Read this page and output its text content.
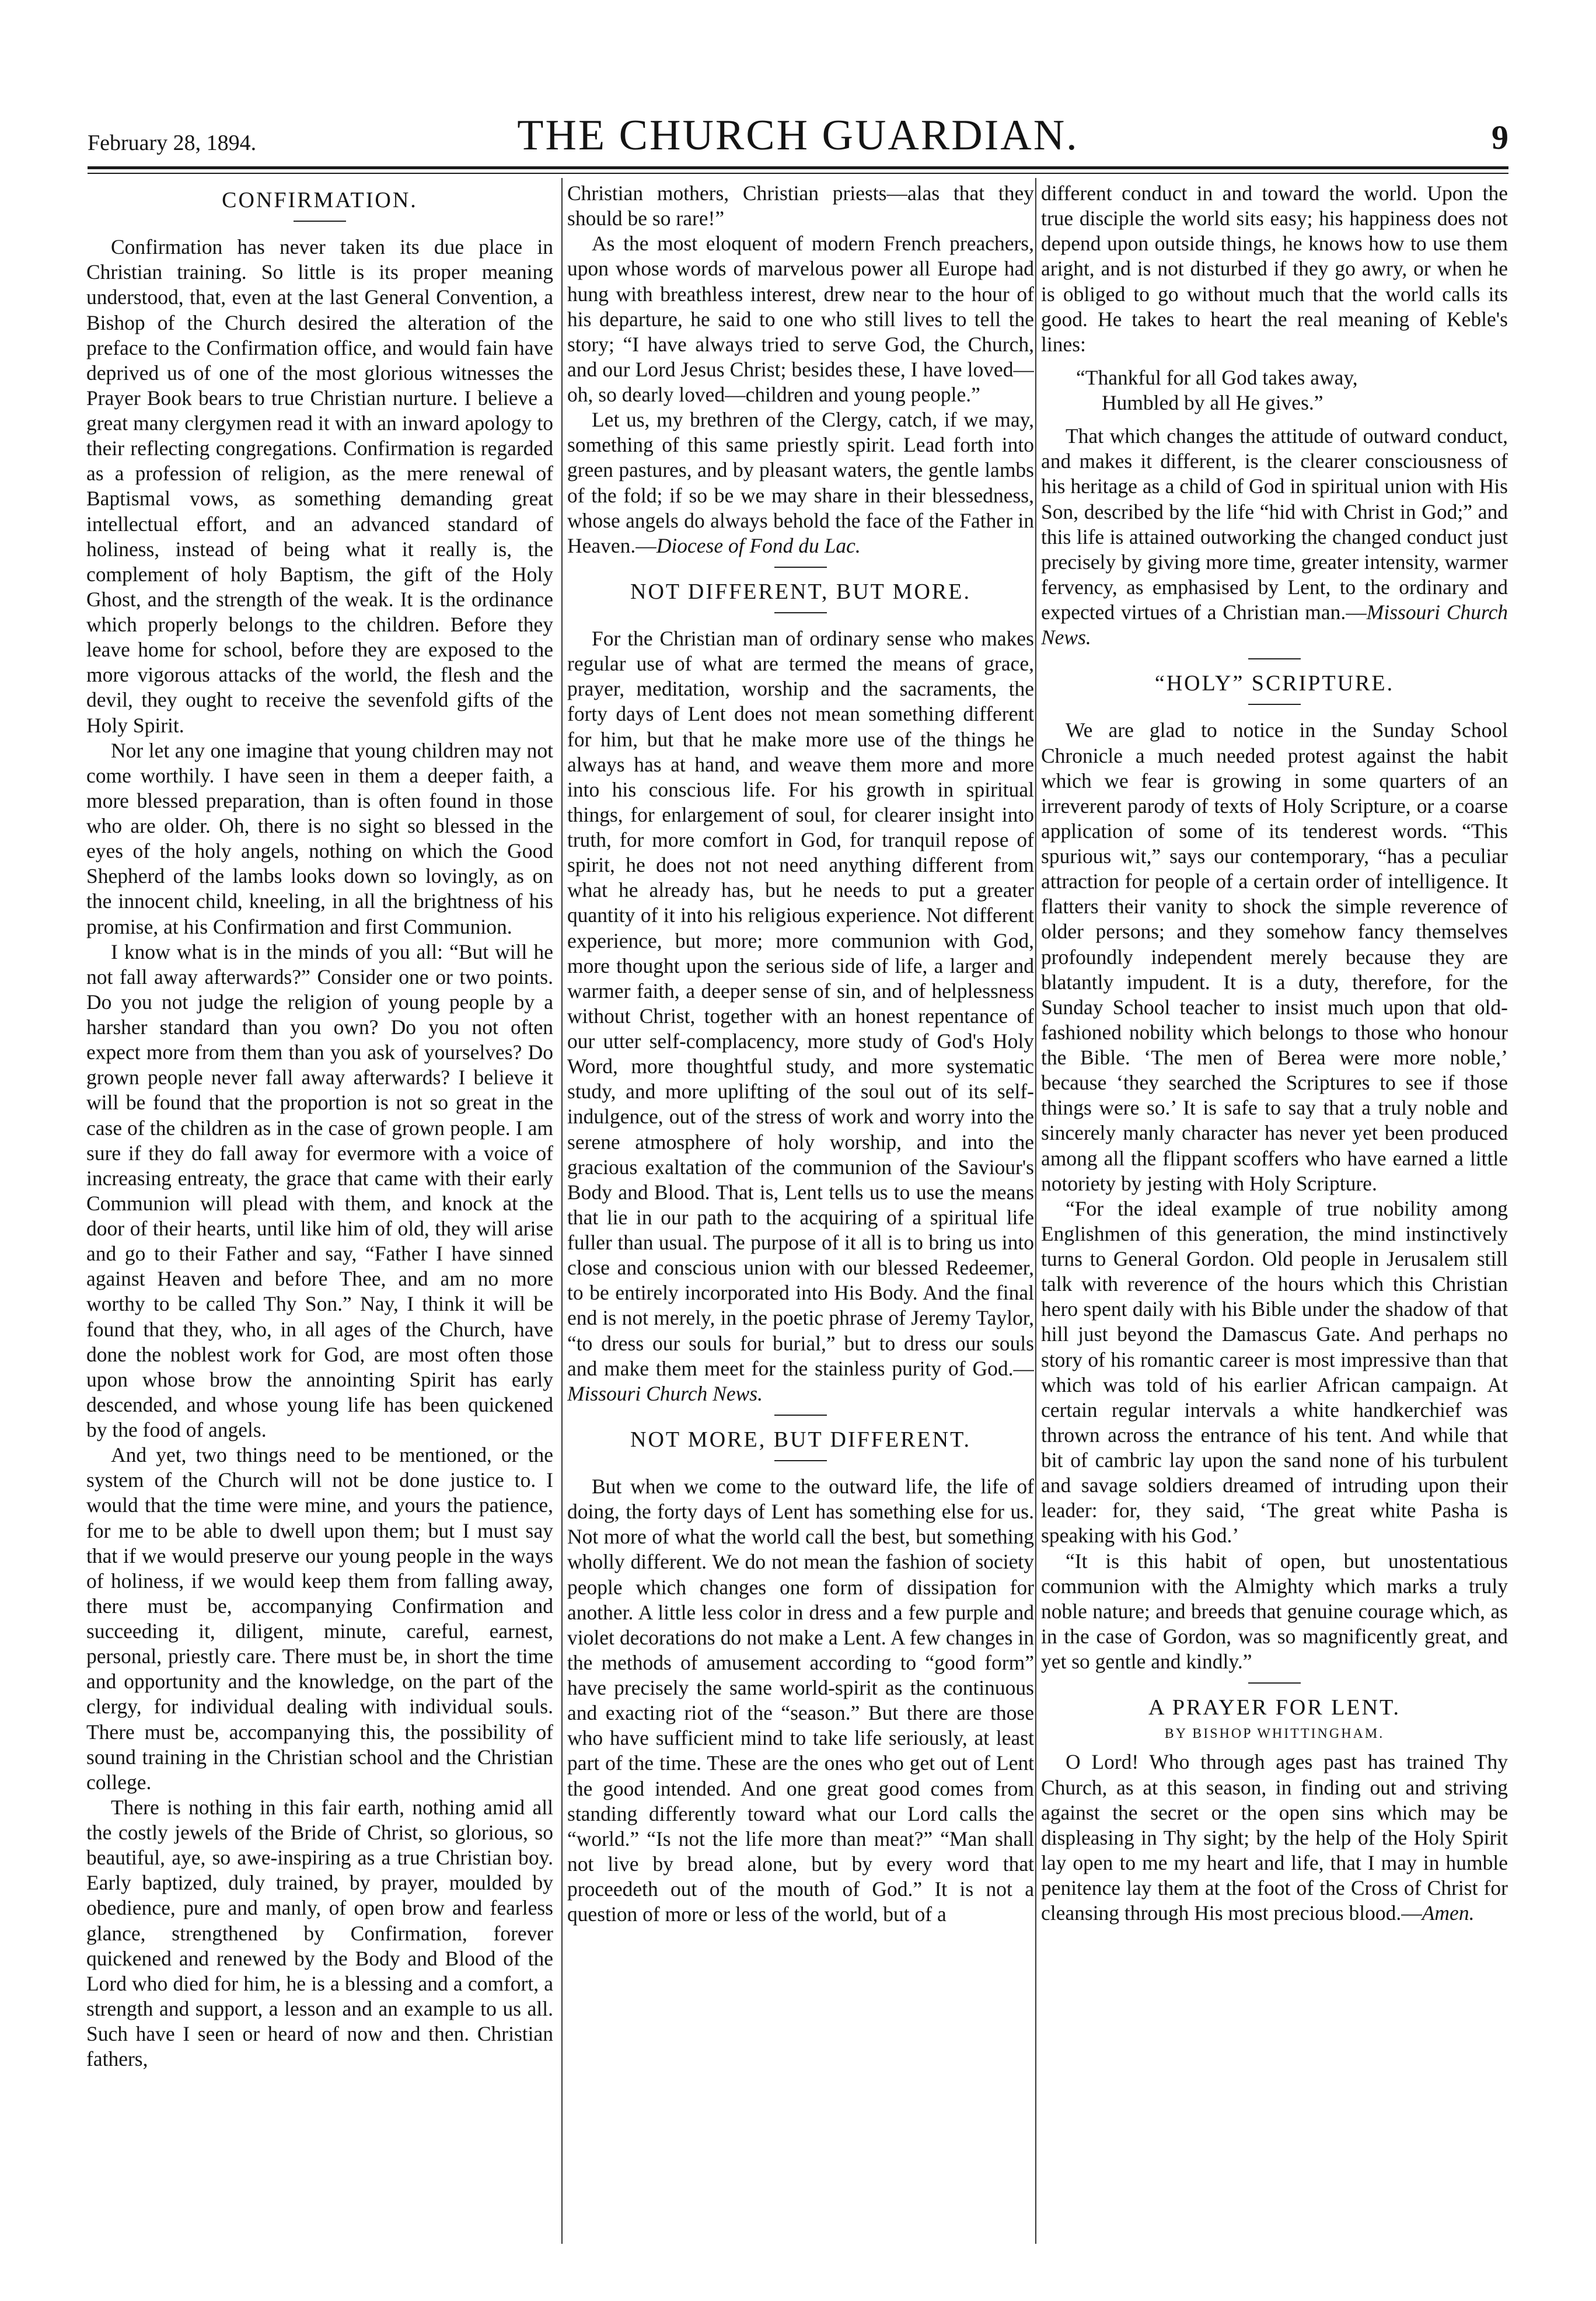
February 28, 1894.	THE CHURCH GUARDIAN.	9
CONFIRMATION.

Confirmation has never taken its due place in Christian training. So little is its proper meaning understood, that, even at the last General Convention, a Bishop of the Church desired the alteration of the preface to the Confirmation office, and would fain have deprived us of one of the most glorious witnesses the Prayer Book bears to true Christian nurture. I believe a great many clergymen read it with an inward apology to their reflecting congregations. Confirmation is regarded as a profession of religion, as the mere renewal of Baptismal vows, as something demanding great intellectual effort, and an advanced standard of holiness, instead of being what it really is, the complement of holy Baptism, the gift of the Holy Ghost, and the strength of the weak. It is the ordinance which properly belongs to the children. Before they leave home for school, before they are exposed to the more vigorous attacks of the world, the flesh and the devil, they ought to receive the sevenfold gifts of the Holy Spirit.

Nor let any one imagine that young children may not come worthily. I have seen in them a deeper faith, a more blessed preparation, than is often found in those who are older. Oh, there is no sight so blessed in the eyes of the holy angels, nothing on which the Good Shepherd of the lambs looks down so lovingly, as on the innocent child, kneeling, in all the brightness of his promise, at his Confirmation and first Communion.

I know what is in the minds of you all: “But will he not fall away afterwards?” Consider one or two points. Do you not judge the religion of young people by a harsher standard than you own? Do you not often expect more from them than you ask of yourselves? Do grown people never fall away afterwards? I believe it will be found that the proportion is not so great in the case of the children as in the case of grown people. I am sure if they do fall away for evermore with a voice of increasing entreaty, the grace that came with their early Communion will plead with them, and knock at the door of their hearts, until like him of old, they will arise and go to their Father and say, “Father I have sinned against Heaven and before Thee, and am no more worthy to be called Thy Son.” Nay, I think it will be found that they, who, in all ages of the Church, have done the noblest work for God, are most often those upon whose brow the annointing Spirit has early descended, and whose young life has been quickened by the food of angels.

And yet, two things need to be mentioned, or the system of the Church will not be done justice to. I would that the time were mine, and yours the patience, for me to be able to dwell upon them; but I must say that if we would preserve our young people in the ways of holiness, if we would keep them from falling away, there must be, accompanying Confirmation and succeeding it, diligent, minute, careful, earnest, personal, priestly care. There must be, in short the time and opportunity and the knowledge, on the part of the clergy, for individual dealing with individual souls. There must be, accompanying this, the possibility of sound training in the Christian school and the Christian college.

There is nothing in this fair earth, nothing amid all the costly jewels of the Bride of Christ, so glorious, so beautiful, aye, so awe-inspiring as a true Christian boy. Early baptized, duly trained, by prayer, moulded by obedience, pure and manly, of open brow and fearless glance, strengthened by Confirmation, forever quickened and renewed by the Body and Blood of the Lord who died for him, he is a blessing and a comfort, a strength and support, a lesson and an example to us all. Such have I seen or heard of now and then. Christian fathers,

Christian mothers, Christian priests—alas that they should be so rare!”

As the most eloquent of modern French preachers, upon whose words of marvelous power all Europe had hung with breathless interest, drew near to the hour of his departure, he said to one who still lives to tell the story; “I have always tried to serve God, the Church, and our Lord Jesus Christ; besides these, I have loved—oh, so dearly loved—children and young people.”

Let us, my brethren of the Clergy, catch, if we may, something of this same priestly spirit. Lead forth into green pastures, and by pleasant waters, the gentle lambs of the fold; if so be we may share in their blessedness, whose angels do always behold the face of the Father in Heaven.—Diocese of Fond du Lac.

NOT DIFFERENT, BUT MORE.

For the Christian man of ordinary sense who makes regular use of what are termed the means of grace, prayer, meditation, worship and the sacraments, the forty days of Lent does not mean something different for him, but that he make more use of the things he always has at hand, and weave them more and more into his conscious life. For his growth in spiritual things, for enlargement of soul, for clearer insight into truth, for more comfort in God, for tranquil repose of spirit, he does not not need anything different from what he already has, but he needs to put a greater quantity of it into his religious experience. Not different experience, but more; more communion with God, more thought upon the serious side of life, a larger and warmer faith, a deeper sense of sin, and of helplessness without Christ, together with an honest repentance of our utter self-complacency, more study of God's Holy Word, more thoughtful study, and more systematic study, and more uplifting of the soul out of its self-indulgence, out of the stress of work and worry into the serene atmosphere of holy worship, and into the gracious exaltation of the communion of the Saviour's Body and Blood. That is, Lent tells us to use the means that lie in our path to the acquiring of a spiritual life fuller than usual. The purpose of it all is to bring us into close and conscious union with our blessed Redeemer, to be entirely incorporated into His Body. And the final end is not merely, in the poetic phrase of Jeremy Taylor, “to dress our souls for burial,” but to dress our souls and make them meet for the stainless purity of God.—Missouri Church News.

NOT MORE, BUT DIFFERENT.

But when we come to the outward life, the life of doing, the forty days of Lent has something else for us. Not more of what the world call the best, but something wholly different. We do not mean the fashion of society people which changes one form of dissipation for another. A little less color in dress and a few purple and violet decorations do not make a Lent. A few changes in the methods of amusement according to “good form” have precisely the same world-spirit as the continuous and exacting riot of the “season.” But there are those who have sufficient mind to take life seriously, at least part of the time. These are the ones who get out of Lent the good intended. And one great good comes from standing differently toward what our Lord calls the “world.” “Is not the life more than meat?” “Man shall not live by bread alone, but by every word that proceedeth out of the mouth of God.” It is not a question of more or less of the world, but of a

different conduct in and toward the world. Upon the true disciple the world sits easy; his happiness does not depend upon outside things, he knows how to use them aright, and is not disturbed if they go awry, or when he is obliged to go without much that the world calls its good. He takes to heart the real meaning of Keble's lines:

“Thankful for all God takes away,
Humbled by all He gives.”

That which changes the attitude of outward conduct, and makes it different, is the clearer consciousness of his heritage as a child of God in spiritual union with His Son, described by the life “hid with Christ in God;” and this life is attained outworking the changed conduct just precisely by giving more time, greater intensity, warmer fervency, as emphasised by Lent, to the ordinary and expected virtues of a Christian man.—Missouri Church News.

“HOLY” SCRIPTURE.

We are glad to notice in the Sunday School Chronicle a much needed protest against the habit which we fear is growing in some quarters of an irreverent parody of texts of Holy Scripture, or a coarse application of some of its tenderest words. “This spurious wit,” says our contemporary, “has a peculiar attraction for people of a certain order of intelligence. It flatters their vanity to shock the simple reverence of older persons; and they somehow fancy themselves profoundly independent merely because they are blatantly impudent. It is a duty, therefore, for the Sunday School teacher to insist much upon that old-fashioned nobility which belongs to those who honour the Bible. ‘The men of Berea were more noble,’ because ‘they searched the Scriptures to see if those things were so.’ It is safe to say that a truly noble and sincerely manly character has never yet been produced among all the flippant scoffers who have earned a little notoriety by jesting with Holy Scripture.

“For the ideal example of true nobility among Englishmen of this generation, the mind instinctively turns to General Gordon. Old people in Jerusalem still talk with reverence of the hours which this Christian hero spent daily with his Bible under the shadow of that hill just beyond the Damascus Gate. And perhaps no story of his romantic career is most impressive than that which was told of his earlier African campaign. At certain regular intervals a white handkerchief was thrown across the entrance of his tent. And while that bit of cambric lay upon the sand none of his turbulent and savage soldiers dreamed of intruding upon their leader: for, they said, ‘The great white Pasha is speaking with his God.’

“It is this habit of open, but unostentatious communion with the Almighty which marks a truly noble nature; and breeds that genuine courage which, as in the case of Gordon, was so magnificently great, and yet so gentle and kindly.”

A PRAYER FOR LENT.
BY BISHOP WHITTINGHAM.

O Lord! Who through ages past has trained Thy Church, as at this season, in finding out and striving against the secret or the open sins which may be displeasing in Thy sight; by the help of the Holy Spirit lay open to me my heart and life, that I may in humble penitence lay them at the foot of the Cross of Christ for cleansing through His most precious blood.—Amen.
